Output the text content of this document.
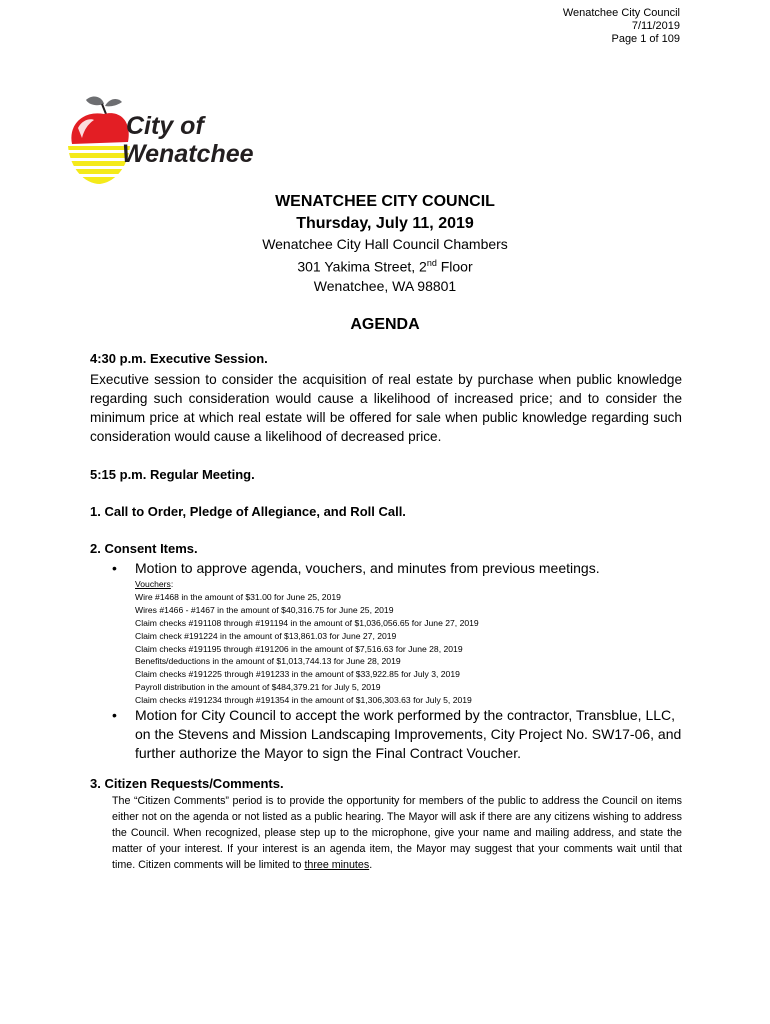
Wenatchee City Council
7/11/2019
Page 1 of 109
City of
Wenatchee
WENATCHEE CITY COUNCIL
Thursday, July 11, 2019
Wenatchee City Hall Council Chambers
301 Yakima Street, 2nd Floor
Wenatchee, WA 98801
AGENDA
4:30 p.m. Executive Session.
Executive session to consider the acquisition of real estate by purchase when public knowledge regarding such consideration would cause a likelihood of increased price; and to consider the minimum price at which real estate will be offered for sale when public knowledge regarding such consideration would cause a likelihood of decreased price.
5:15 p.m. Regular Meeting.
1. Call to Order, Pledge of Allegiance, and Roll Call.
2. Consent Items.
• Motion to approve agenda, vouchers, and minutes from previous meetings.
Vouchers:
Wire #1468 in the amount of $31.00 for June 25, 2019
Wires #1466 - #1467 in the amount of $40,316.75 for June 25, 2019
Claim checks #191108 through #191194 in the amount of $1,036,056.65 for June 27, 2019
Claim check #191224 in the amount of $13,861.03 for June 27, 2019
Claim checks #191195 through #191206 in the amount of $7,516.63 for June 28, 2019
Benefits/deductions in the amount of $1,013,744.13 for June 28, 2019
Claim checks #191225 through #191233 in the amount of $33,922.85 for July 3, 2019
Payroll distribution in the amount of $484,379.21 for July 5, 2019
Claim checks #191234 through #191354 in the amount of $1,306,303.63 for July 5, 2019
• Motion for City Council to accept the work performed by the contractor, Transblue, LLC, on the Stevens and Mission Landscaping Improvements, City Project No. SW17-06, and further authorize the Mayor to sign the Final Contract Voucher.
3. Citizen Requests/Comments.
The “Citizen Comments” period is to provide the opportunity for members of the public to address the Council on items either not on the agenda or not listed as a public hearing. The Mayor will ask if there are any citizens wishing to address the Council. When recognized, please step up to the microphone, give your name and mailing address, and state the matter of your interest. If your interest is an agenda item, the Mayor may suggest that your comments wait until that time. Citizen comments will be limited to three minutes.
